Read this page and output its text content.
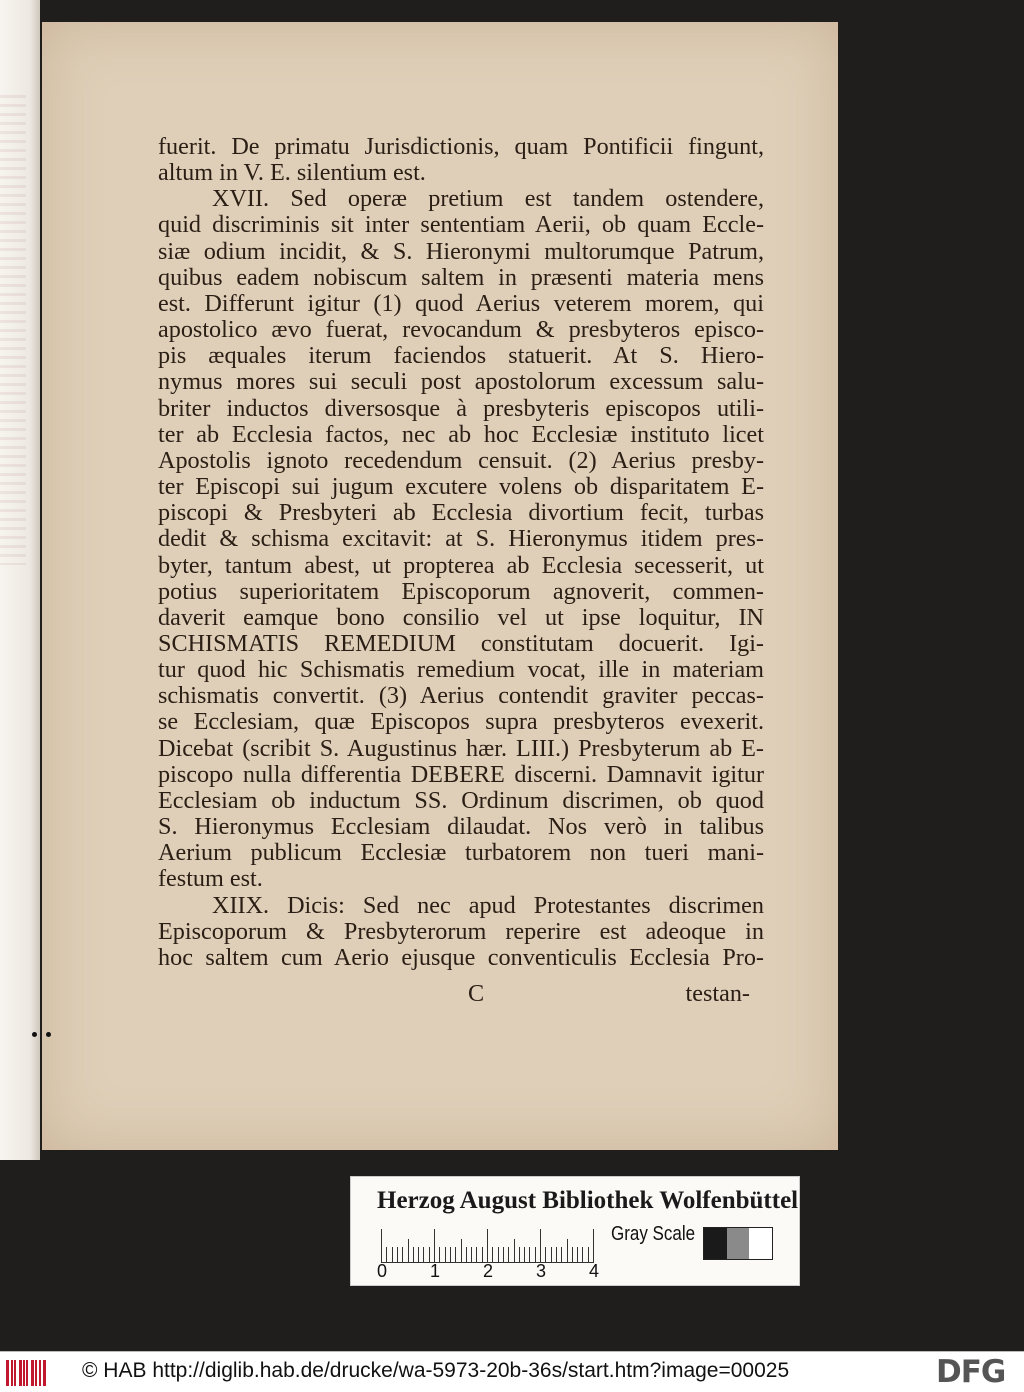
fuerit. De primatu Jurisdictionis, quam Pontificii fingunt,
altum in V. E. silentium est.
XVII. Sed operæ pretium est tandem ostendere,
quid discriminis sit inter sententiam Aerii, ob quam Eccle-
siæ odium incidit, & S. Hieronymi multorumque Patrum,
quibus eadem nobiscum saltem in præsenti materia mens
est. Differunt igitur (1) quod Aerius veterem morem, qui
apostolico ævo fuerat, revocandum & presbyteros episco-
pis æquales iterum faciendos statuerit. At S. Hiero-
nymus mores sui seculi post apostolorum excessum salu-
briter inductos diversosque à presbyteris episcopos utili-
ter ab Ecclesia factos, nec ab hoc Ecclesiæ instituto licet
Apostolis ignoto recedendum censuit. (2) Aerius presby-
ter Episcopi sui jugum excutere volens ob disparitatem E-
piscopi & Presbyteri ab Ecclesia divortium fecit, turbas
dedit & schisma excitavit: at S. Hieronymus itidem pres-
byter, tantum abest, ut propterea ab Ecclesia secesserit, ut
potius superioritatem Episcoporum agnoverit, commen-
daverit eamque bono consilio vel ut ipse loquitur, IN
SCHISMATIS REMEDIUM constitutam docuerit. Igi-
tur quod hic Schismatis remedium vocat, ille in materiam
schismatis convertit. (3) Aerius contendit graviter peccas-
se Ecclesiam, quæ Episcopos supra presbyteros evexerit.
Dicebat (scribit S. Augustinus hær. LIII.) Presbyterum ab E-
piscopo nulla differentia DEBERE discerni. Damnavit igitur
Ecclesiam ob inductum SS. Ordinum discrimen, ob quod
S. Hieronymus Ecclesiam dilaudat. Nos verò in talibus
Aerium publicum Ecclesiæ turbatorem non tueri mani-
festum est.
XIIX. Dicis: Sed nec apud Protestantes discrimen
Episcoporum & Presbyterorum reperire est adeoque in
hoc saltem cum Aerio ejusque conventiculis Ecclesia Pro-
C	testan-
Herzog August Bibliothek Wolfenbüttel
0 1 2 3 4
Gray Scale
© HAB http://diglib.hab.de/drucke/wa-5973-20b-36s/start.htm?image=00025	DFG
